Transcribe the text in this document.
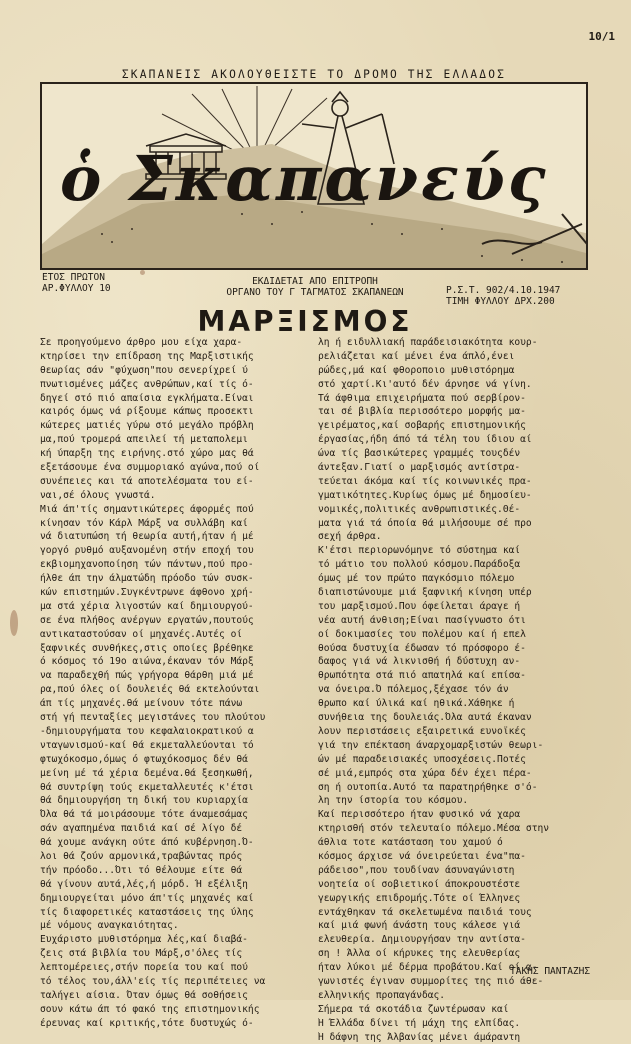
10/1
ΣΚΑΠΑΝΕΙΣ ΑΚΟΛΟΥΘΕΙΣΤΕ ΤΟ ΔΡΟΜΟ ΤΗΣ ΕΛΛΑΔΟΣ
ὁ Σκαπανεύς
ΕΤΟΣ ΠΡΩΤΟΝ
ΑΡ.ΦΥΛΛΟΥ 10
ΕΚΔΙΔΕΤΑΙ ΑΠΟ ΕΠΙΤΡΟΠΗ
ΟΡΓΑΝΟ ΤΟΥ Γ ΤΑΓΜΑΤΟΣ ΣΚΑΠΑΝΕΩΝ	Ρ.Σ.Τ. 902/4.10.1947
ΤΙΜΗ ΦΥΛΛΟΥ ΔΡΧ.200
ΜΑΡΞΙΣΜΟΣ
Σε προηγούμενο άρθρο μου είχα χαρα-
κτηρίσει την επίδραση της Μαρξιστικής
θεωρίας σάν "φύχωση"που σενερίχρεί ύ
πνωτισμένες μάζες ανθρώπων,καί τίς ό-
δηγεί στό πιό απαίσια εγκλήματα.Είναι
καιρός όμως νά ρίξουμε κάπως προσεκτι
κώτερες ματιές γύρω στό μεγάλο πρόβλη
μα,πού τρομερά απειλεί τή μεταπολεμι
κή ύπαρξη της ειρήνης.στό χώρο μας θά
εξετάσουμε ένα συμμοριακό αγώνα,πού οί
συνέπειες και τά αποτελέσματα του εί-
ναι,σέ όλους γνωστά.
Μιά άπ'τίς σημαντικώτερες άφορμές πού
κίνησαν τόν Κάρλ Μάρξ να συλλάβη καί
νά διατυπώση τή θεωρία αυτή,ήταν ή μέ
γοργό ρυθμό αυξανομένη στήν εποχή του
εκβιομηχανοποίηση τών πάντων,πού προ-
ήλθε άπ την άλματώδη πρόοδο τών συσκ-
κών επιστημών.Συγκέντρωνε άφθονο χρή-
μα στά χέρια λιγοστών καί δημιουργού-
σε ένα πλήθος ανέργων εργατών,πουτούς
αντικαταστούσαν οί μηχανές.Αυτές οί
ξαφνικές συνθήκες,στις οποίες βρέθηκε
ό κόσμος τό 19ο αιώνα,έκαναν τόν Μάρξ
να παραδεχθή πώς γρήγορα θάρθη μιά μέ
ρα,πού όλες οί δουλειές θά εκτελούνται
άπ τίς μηχανές.θά μείνουν τότε πάνω
στή γή πενταξίες μεγιστάνες του πλούτου
-δημιουργήματα του κεφαλαιοκρατικού α
νταγωνισμού-καί θά εκμεταλλεύονται τό
φτωχόκοσμο,όμως ό φτωχόκοσμος δέν θά
μείνη μέ τά χέρια δεμένα.θά ξεσηκωθή,
θά συντρίψη τούς εκμεταλλευτές κ'έτσι
θά δημιουργήση τη δική του κυριαρχία
Όλα θά τά μοιράσουμε τότε άναμεσάμας
σάν αγαπημένα παιδιά καί σέ λίγο δέ
θά χουμε ανάγκη ούτε άπό κυβέρνηση.Ό-
λοι θά ζούν αρμονικά,τραβώντας πρός
τήν πρόοδο...Ότι τό θέλουμε είτε θά
θά γίνουν αυτά,λές,ή μόρδ. Ή εξέλιξη
δημιουργείται μόνο άπ'τίς μηχανές καί
τίς διαφορετικές καταστάσεις της ύλης
μέ νόμους αναγκαιότητας.
Ευχάριστο μυθιστόρημα λές,καί διαβά-
ζεις στά βιβλία του Μάρξ,σ'όλες τίς
λεπτομέρειες,στήν πορεία του καί πού
τό τέλος του,άλλ'είς τίς περιπέτειες να
ταλήγει αίσια. Όταν όμως θά σοθήσεις
σουν κάτω άπ τό φακό της επιστημονικής
έρευνας καί κριτικής,τότε δυστυχώς ό-
λη ή ειδυλλιακή παράδεισιακότητα κουρ-
ρελιάζεται καί μένει ένα άπλό,ένει
ρώδες,μά καί φθοροποιο μυθιστόρημα
στό χαρτί.Κι'αυτό δέν άρνησε νά γίνη.
Τά άφθιμα επιχειρήματα πού σερβίρον-
ται σέ βιβλία περισσότερο μορφής μα-
γειρέματος,καί σοβαρής επιστημονικής
έργασίας,ήδη άπό τά τέλη του ίδιου αί
ώνα τίς βασικώτερες γραμμές τουςδέν
άντεξαν.Γιατί ο μαρξισμός αντίστρα-
τεύεται άκόμα καί τίς κοινωνικές πρα-
γματικότητες.Κυρίως όμως μέ δημοσίευ-
νομικές,πολιτικές ανθρωπιστικές.Θέ-
ματα γιά τά όποία θά μιλήσουμε σέ προ
σεχή άρθρα.
Κ'έτσι περιορωνόμηνε τό σύστημα καί
τό μάτιο του πολλού κόσμου.Παράδοξα
όμως μέ τον πρώτο παγκόσμιο πόλεμο
διαπιστώνουμε μιά ξαφνική κίνηση υπέρ
του μαρξισμού.Που όφείλεται άραγε ή
νέα αυτή άνθιση;Είναι πασίγνωστο ότι
οί δοκιμασίες του πολέμου καί ή επελ
θούσα δυστυχία έδωσαν τό πρόσφορο έ-
δαφος γιά νά λικνισθή ή δύστυχη αν-
θρωπότητα στά πιό απατηλά καί επίσα-
να όνειρα.Ό πόλεμος,ξέχασε τόν άν
θρωπο καί ύλικά καί ηθικά.Χάθηκε ή
συνήθεια της δουλειάς.Όλα αυτά έκαναν
λουν περιστάσεις εξαιρετικά ευνοϊκές
γιά την επέκταση άναρχομαρξιστών θεωρι-
ών μέ παραδεισιακές υποσχέσεις.Ποτές
σέ μιά,εμπρός στα χώρα δέν έχει πέρα-
ση ή ουτοπία.Αυτό τα παρατηρήθηκε σ'ό-
λη την ίστορία του κόσμου.
Καί περισσότερο ήταν φυσικό νά χαρα
κτηρισθή στόν τελευταίο πόλεμο.Μέσα στην
άθλια τοτε κατάσταση του χαμού ό
κόσμος άρχισε νά όνειρεύεται ένα"πα-
ράδεισο",που τουδίναν άσυναγώνιστη
νοητεία οί σοβιετικοί άποκρουστέστε
γεωργικής επιδρομής.Τότε οί Έλληνες
εντάχθηκαν τά σκελετωμένα παιδιά τους
καί μιά φωνή άνάστη τους κάλεσε γιά
ελευθερία. Δημιουργήσαν την αντίστα-
ση ! Άλλα οί κήρυκες της ελευθερίας
ήταν λύκοι μέ δέρμα προβάτου.Καί οί α-
γωνιστές έγιναν συμμορίτες της πιό άθε-
ελληνικής προπαγάνδας.
Σήμερα τά σκοτάδια ζωντέρωσαν καί
Ή Έλλάδα δίνει τή μάχη της ελπίδας.
Ή δάφνη της Άλβανίας μένει άμάραντη
ΤΑΚΗΣ ΠΑΝΤΑΖΗΣ
